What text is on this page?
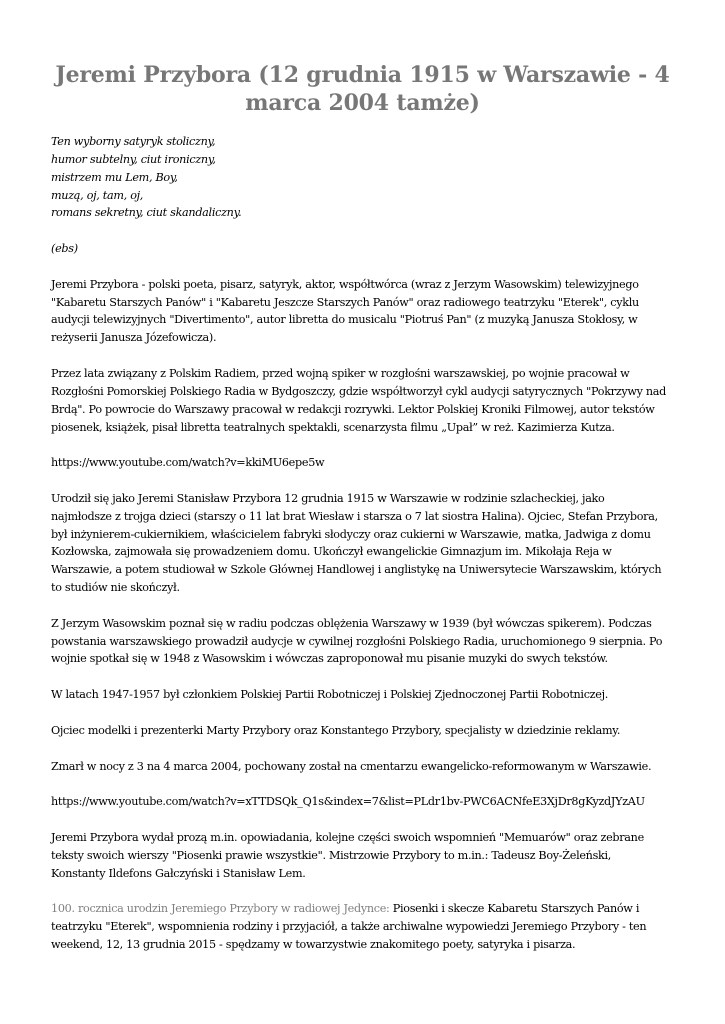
Jeremi Przybora (12 grudnia 1915 w Warszawie - 4
marca 2004 tamże)
Ten wyborny satyryk stoliczny,
humor subtelny, ciut ironiczny,
mistrzem mu Lem, Boy,
muzą, oj, tam, oj,
romans sekretny, ciut skandaliczny.
(ebs)
Jeremi Przybora - polski poeta, pisarz, satyryk, aktor, współtwórca (wraz z Jerzym Wasowskim) telewizyjnego
"Kabaretu Starszych Panów" i "Kabaretu Jeszcze Starszych Panów" oraz radiowego teatrzyku "Eterek", cyklu
audycji telewizyjnych "Divertimento", autor libretta do musicalu "Piotruś Pan" (z muzyką Janusza Stokłosy, w
reżyserii Janusza Józefowicza).
Przez lata związany z Polskim Radiem, przed wojną spiker w rozgłośni warszawskiej, po wojnie pracował w
Rozgłośni Pomorskiej Polskiego Radia w Bydgoszczy, gdzie współtworzył cykl audycji satyrycznych "Pokrzywy nad
Brdą". Po powrocie do Warszawy pracował w redakcji rozrywki. Lektor Polskiej Kroniki Filmowej, autor tekstów
piosenek, książek, pisał libretta teatralnych spektakli, scenarzysta filmu „Upał” w reż. Kazimierza Kutza.
https://www.youtube.com/watch?v=kkiMU6epe5w
Urodził się jako Jeremi Stanisław Przybora 12 grudnia 1915 w Warszawie w rodzinie szlacheckiej, jako
najmłodsze z trojga dzieci (starszy o 11 lat brat Wiesław i starsza o 7 lat siostra Halina). Ojciec, Stefan Przybora,
był inżynierem-cukiernikiem, właścicielem fabryki słodyczy oraz cukierni w Warszawie, matka, Jadwiga z domu
Kozłowska, zajmowała się prowadzeniem domu. Ukończył ewangelickie Gimnazjum im. Mikołaja Reja w
Warszawie, a potem studiował w Szkole Głównej Handlowej i anglistykę na Uniwersytecie Warszawskim, których
to studiów nie skończył.
Z Jerzym Wasowskim poznał się w radiu podczas oblężenia Warszawy w 1939 (był wówczas spikerem). Podczas
powstania warszawskiego prowadził audycje w cywilnej rozgłośni Polskiego Radia, uruchomionego 9 sierpnia. Po
wojnie spotkał się w 1948 z Wasowskim i wówczas zaproponował mu pisanie muzyki do swych tekstów.
W latach 1947-1957 był członkiem Polskiej Partii Robotniczej i Polskiej Zjednoczonej Partii Robotniczej.
Ojciec modelki i prezenterki Marty Przybory oraz Konstantego Przybory, specjalisty w dziedzinie reklamy.
Zmarł w nocy z 3 na 4 marca 2004, pochowany został na cmentarzu ewangelicko-reformowanym w Warszawie.
https://www.youtube.com/watch?v=xTTDSQk_Q1s&index=7&list=PLdr1bv-PWC6ACNfeE3XjDr8gKyzdJYzAU
Jeremi Przybora wydał prozą m.in. opowiadania, kolejne części swoich wspomnień "Memuarów" oraz zebrane
teksty swoich wierszy "Piosenki prawie wszystkie". Mistrzowie Przybory to m.in.: Tadeusz Boy-Żeleński,
Konstanty Ildefons Gałczyński i Stanisław Lem.
100. rocznica urodzin Jeremiego Przybory w radiowej Jedynce: Piosenki i skecze Kabaretu Starszych Panów i
teatrzyku "Eterek", wspomnienia rodziny i przyjaciół, a także archiwalne wypowiedzi Jeremiego Przybory - ten
weekend, 12, 13 grudnia 2015 - spędzamy w towarzystwie znakomitego poety, satyryka i pisarza.
